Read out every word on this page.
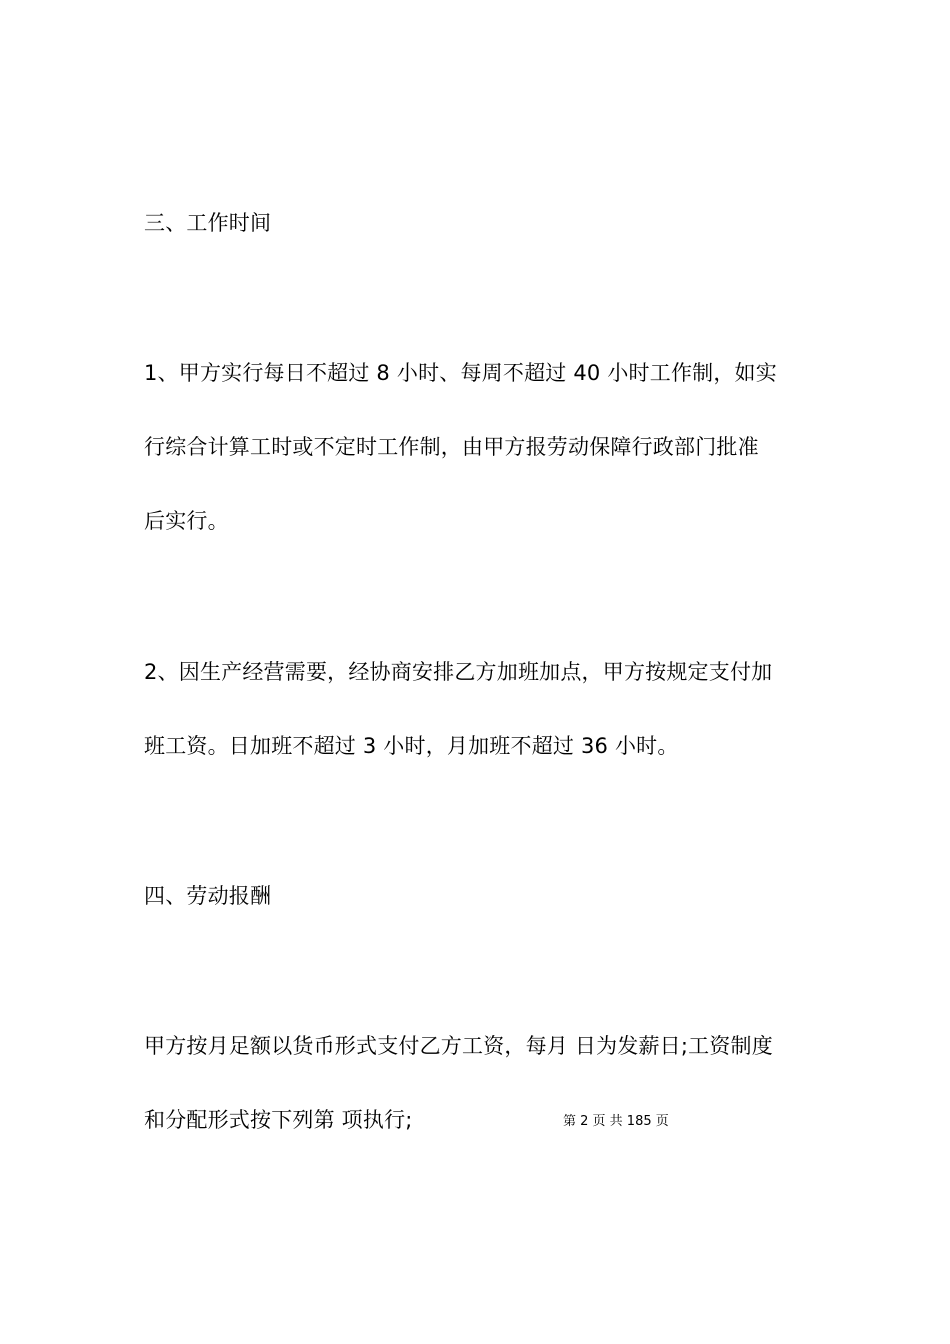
三、工作时间
1、甲方实行每日不超过 8 小时、每周不超过 40 小时工作制，如实
行综合计算工时或不定时工作制，由甲方报劳动保障行政部门批准
后实行。
2、因生产经营需要，经协商安排乙方加班加点，甲方按规定支付加
班工资。日加班不超过 3 小时，月加班不超过 36 小时。
四、劳动报酬
甲方按月足额以货币形式支付乙方工资，每月 日为发薪日;工资制度
和分配形式按下列第 项执行;	第 2 页 共 185 页
